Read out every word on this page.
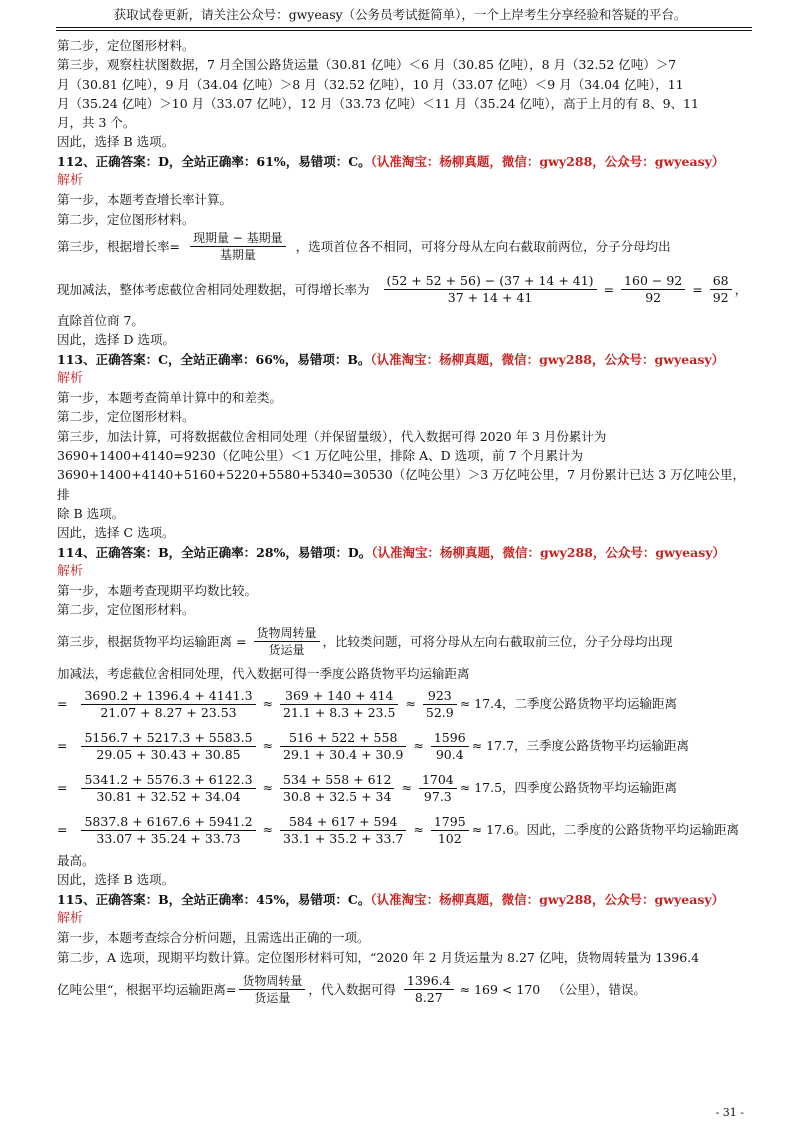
获取试卷更新，请关注公众号：gwyeasy（公务员考试挺简单），一个上岸考生分享经验和答疑的平台。

第二步，定位图形材料。

第三步，观察柱状图数据，7 月全国公路货运量（30.81 亿吨）＜6 月（30.85 亿吨），8 月（32.52 亿吨）＞7

月（30.81 亿吨），9 月（34.04 亿吨）＞8 月（32.52 亿吨），10 月（33.07 亿吨）＜9 月（34.04 亿吨），11

月（35.24 亿吨）＞10 月（33.07 亿吨），12 月（33.73 亿吨）＜11 月（35.24 亿吨），高于上月的有 8、9、11

月，共 3 个。

因此，选择 B 选项。

112、正确答案：D，全站正确率：61%，易错项：C。（认准淘宝：杨柳真题，微信：gwy288，公众号：gwyeasy）

解析

第一步，本题考查增长率计算。

第二步，定位图形材料。

第三步，根据增长率= $\frac{\text{现期量 − 基期量}}{\text{基期量}}$ ，选项首位各不相同，可将分母从左向右截取前两位，分子分母均出
现加减法，整体考虑截位舍相同处理数据，可得增长率为 $\frac{(52 + 52 + 56) - (37 + 14 + 41)}{37 + 14 + 41} = \frac{160 - 92}{92} = \frac{68}{92}$ ，

直除首位商 7。

因此，选择 D 选项。

113、正确答案：C，全站正确率：66%，易错项：B。（认准淘宝：杨柳真题，微信：gwy288，公众号：gwyeasy）

解析

第一步，本题考查简单计算中的和差类。

第二步，定位图形材料。

第三步，加法计算，可将数据截位舍相同处理（并保留量级），代入数据可得 2020 年 3 月份累计为

3690+1400+4140=9230（亿吨公里）＜1 万亿吨公里，排除 A、D 选项，前 7 个月累计为

3690+1400+4140+5160+5220+5580+5340=30530（亿吨公里）＞3 万亿吨公里，7 月份累计已达 3 万亿吨公里，排

除 B 选项。

因此，选择 C 选项。

114、正确答案：B，全站正确率：28%，易错项：D。（认准淘宝：杨柳真题，微信：gwy288，公众号：gwyeasy）

解析

第一步，本题考查现期平均数比较。

第二步，定位图形材料。

第三步，根据货物平均运输距离 = $\frac{\text{货物周转量}}{\text{货运量}}$ ，比较类问题，可将分母从左向右截取前三位，分子分母均出现

加减法，考虑截位舍相同处理，代入数据可得一季度公路货物平均运输距离

= $\frac{3690.2 + 1396.4 + 4141.3}{21.07 + 8.27 + 23.53} \approx \frac{369 + 140 + 414}{21.1 + 8.3 + 23.5} \approx \frac{923}{52.9} \approx 17.4$ ，二季度公路货物平均运输距离
= $\frac{5156.7 + 5217.3 + 5583.5}{29.05 + 30.43 + 30.85} \approx \frac{516 + 522 + 558}{29.1 + 30.4 + 30.9} \approx \frac{1596}{90.4} \approx 17.7$ ，三季度公路货物平均运输距离
= $\frac{5341.2 + 5576.3 + 6122.3}{30.81 + 32.52 + 34.04} \approx \frac{534 + 558 + 612}{30.8 + 32.5 + 34} \approx \frac{1704}{97.3} \approx 17.5$ ，四季度公路货物平均运输距离
= $\frac{5837.8 + 6167.6 + 5941.2}{33.07 + 35.24 + 33.73} \approx \frac{584 + 617 + 594}{33.1 + 35.2 + 33.7} \approx \frac{1795}{102} \approx 17.6$ 。因此，二季度的公路货物平均运输距离

最高。

因此，选择 B 选项。

115、正确答案：B，全站正确率：45%，易错项：C。（认准淘宝：杨柳真题，微信：gwy288，公众号：gwyeasy）

解析

第一步，本题考查综合分析问题，且需选出正确的一项。

第二步，A 选项，现期平均数计算。定位图形材料可知，“2020 年 2 月货运量为 8.27 亿吨，货物周转量为 1396.4

亿吨公里“，根据平均运输距离= $\frac{\text{货物周转量}}{\text{货运量}}$ ，代入数据可得 $\frac{1396.4}{8.27} \approx 169 < 170$ （公里），错误。
- 31 -
